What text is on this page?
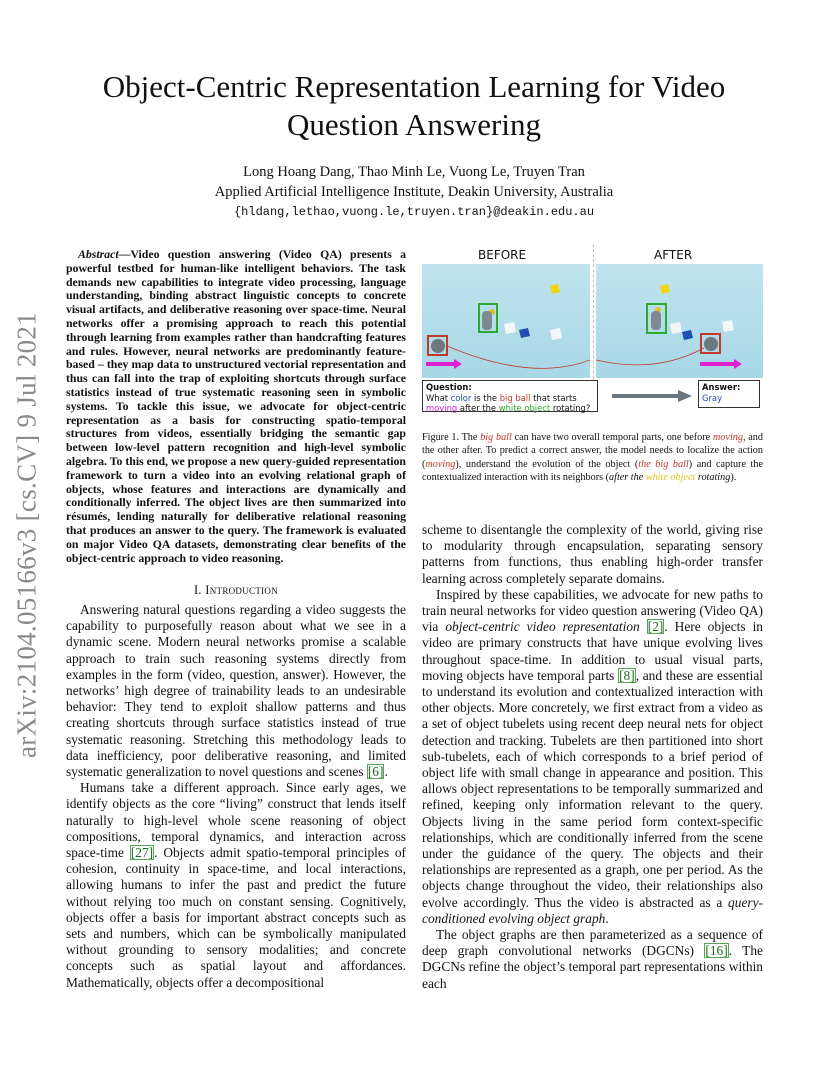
arXiv:2104.05166v3 [cs.CV] 9 Jul 2021
Object-Centric Representation Learning for Video
Question Answering
Long Hoang Dang, Thao Minh Le, Vuong Le, Truyen Tran
Applied Artificial Intelligence Institute, Deakin University, Australia
{hldang,lethao,vuong.le,truyen.tran}@deakin.edu.au

Abstract—Video question answering (Video QA) presents a powerful testbed for human-like intelligent behaviors. The task demands new capabilities to integrate video processing, language understanding, binding abstract linguistic concepts to concrete visual artifacts, and deliberative reasoning over space-time. Neural networks offer a promising approach to reach this potential through learning from examples rather than handcrafting features and rules. However, neural networks are predominantly feature-based – they map data to unstructured vectorial representation and thus can fall into the trap of exploiting shortcuts through surface statistics instead of true systematic reasoning seen in symbolic systems. To tackle this issue, we advocate for object-centric representation as a basis for constructing spatio-temporal structures from videos, essentially bridging the semantic gap between low-level pattern recognition and high-level symbolic algebra. To this end, we propose a new query-guided representation framework to turn a video into an evolving relational graph of objects, whose features and interactions are dynamically and conditionally inferred. The object lives are then summarized into résumés, lending naturally for deliberative relational reasoning that produces an answer to the query. The framework is evaluated on major Video QA datasets, demonstrating clear benefits of the object-centric approach to video reasoning.

I. Introduction

Answering natural questions regarding a video suggests the capability to purposefully reason about what we see in a dynamic scene. Modern neural networks promise a scalable approach to train such reasoning systems directly from examples in the form (video, question, answer). However, the networks’ high degree of trainability leads to an undesirable behavior: They tend to exploit shallow patterns and thus creating shortcuts through surface statistics instead of true systematic reasoning. Stretching this methodology leads to data inefficiency, poor deliberative reasoning, and limited systematic generalization to novel questions and scenes [6].

Humans take a different approach. Since early ages, we identify objects as the core “living” construct that lends itself naturally to high-level whole scene reasoning of object compositions, temporal dynamics, and interaction across space-time [27]. Objects admit spatio-temporal principles of cohesion, continuity in space-time, and local interactions, allowing humans to infer the past and predict the future without relying too much on constant sensing. Cognitively, objects offer a basis for important abstract concepts such as sets and numbers, which can be symbolically manipulated without grounding to sensory modalities; and concrete concepts such as spatial layout and affordances. Mathematically, objects offer a decompositional

BEFORE	AFTER
Question:
What color is the big ball that starts
moving after the white object rotating?
Answer:
Gray
Figure 1. The big ball can have two overall temporal parts, one before moving, and the other after. To predict a correct answer, the model needs to localize the action (moving), understand the evolution of the object (the big ball) and capture the contextualized interaction with its neighbors (after the white object rotating).

scheme to disentangle the complexity of the world, giving rise to modularity through encapsulation, separating sensory patterns from functions, thus enabling high-order transfer learning across completely separate domains.

Inspired by these capabilities, we advocate for new paths to train neural networks for video question answering (Video QA) via object-centric video representation [2]. Here objects in video are primary constructs that have unique evolving lives throughout space-time. In addition to usual visual parts, moving objects have temporal parts [8], and these are essential to understand its evolution and contextualized interaction with other objects. More concretely, we first extract from a video as a set of object tubelets using recent deep neural nets for object detection and tracking. Tubelets are then partitioned into short sub-tubelets, each of which corresponds to a brief period of object life with small change in appearance and position. This allows object representations to be temporally summarized and refined, keeping only information relevant to the query. Objects living in the same period form context-specific relationships, which are conditionally inferred from the scene under the guidance of the query. The objects and their relationships are represented as a graph, one per period. As the objects change throughout the video, their relationships also evolve accordingly. Thus the video is abstracted as a query-conditioned evolving object graph.

The object graphs are then parameterized as a sequence of deep graph convolutional networks (DGCNs) [16]. The DGCNs refine the object’s temporal part representations within each
